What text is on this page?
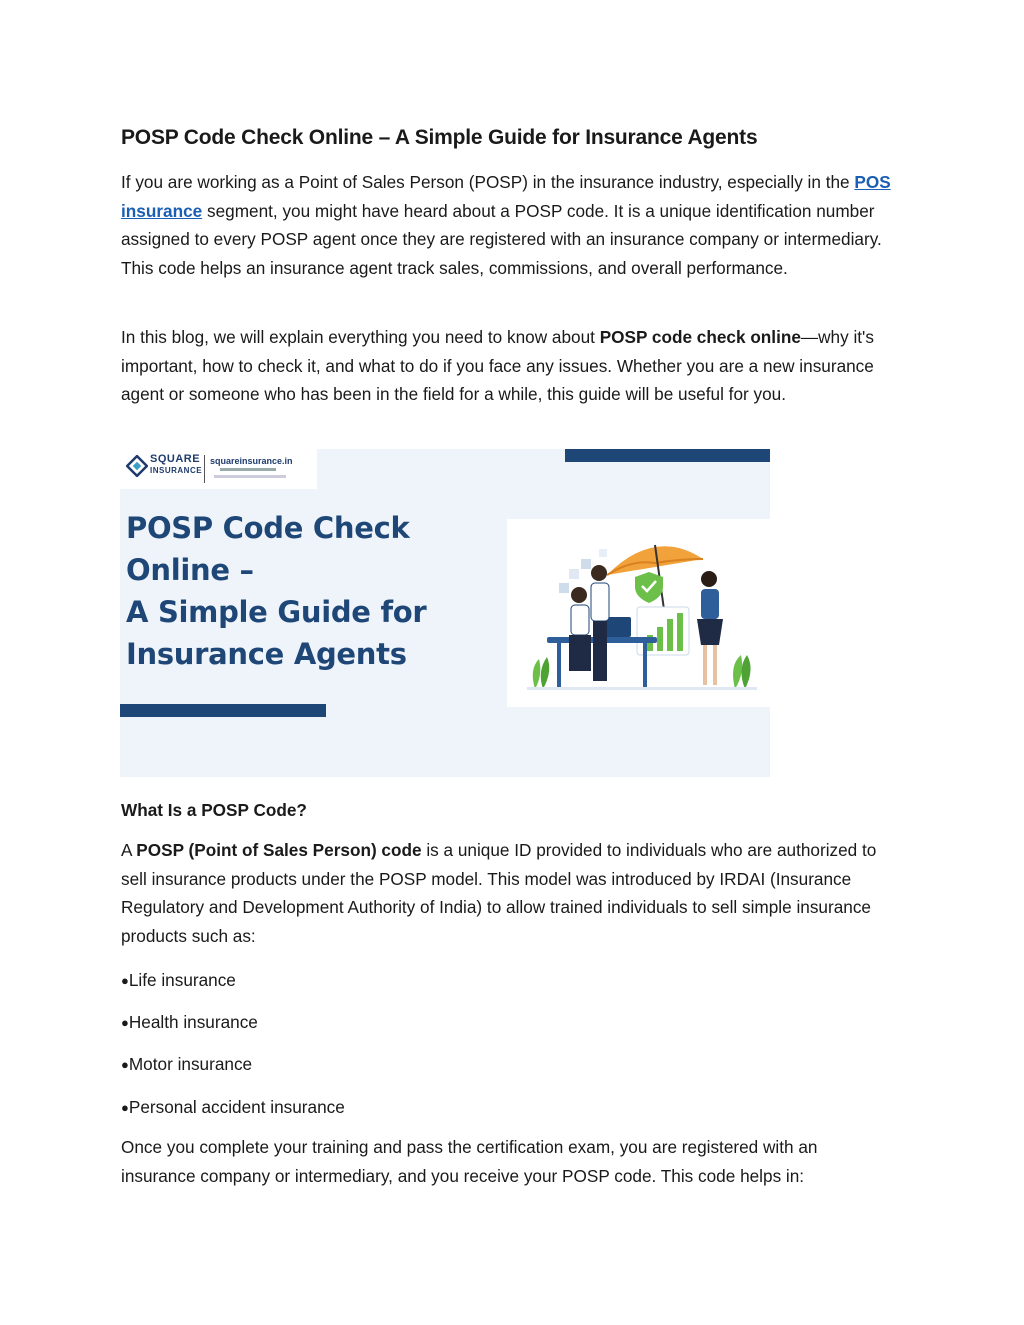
POSP Code Check Online – A Simple Guide for Insurance Agents

If you are working as a Point of Sales Person (POSP) in the insurance industry, especially in the POS insurance segment, you might have heard about a POSP code. It is a unique identification number assigned to every POSP agent once they are registered with an insurance company or intermediary. This code helps an insurance agent track sales, commissions, and overall performance.

In this blog, we will explain everything you need to know about POSP code check online—why it's important, how to check it, and what to do if you face any issues. Whether you are a new insurance agent or someone who has been in the field for a while, this guide will be useful for you.

What Is a POSP Code?

A POSP (Point of Sales Person) code is a unique ID provided to individuals who are authorized to sell insurance products under the POSP model. This model was introduced by IRDAI (Insurance Regulatory and Development Authority of India) to allow trained individuals to sell simple insurance products such as:

●Life insurance

●Health insurance

●Motor insurance

●Personal accident insurance

Once you complete your training and pass the certification exam, you are registered with an insurance company or intermediary, and you receive your POSP code. This code helps in:

SQUARE
INSURANCE
squareinsurance.in
POSP Code Check
Online –
A Simple Guide for
Insurance Agents
